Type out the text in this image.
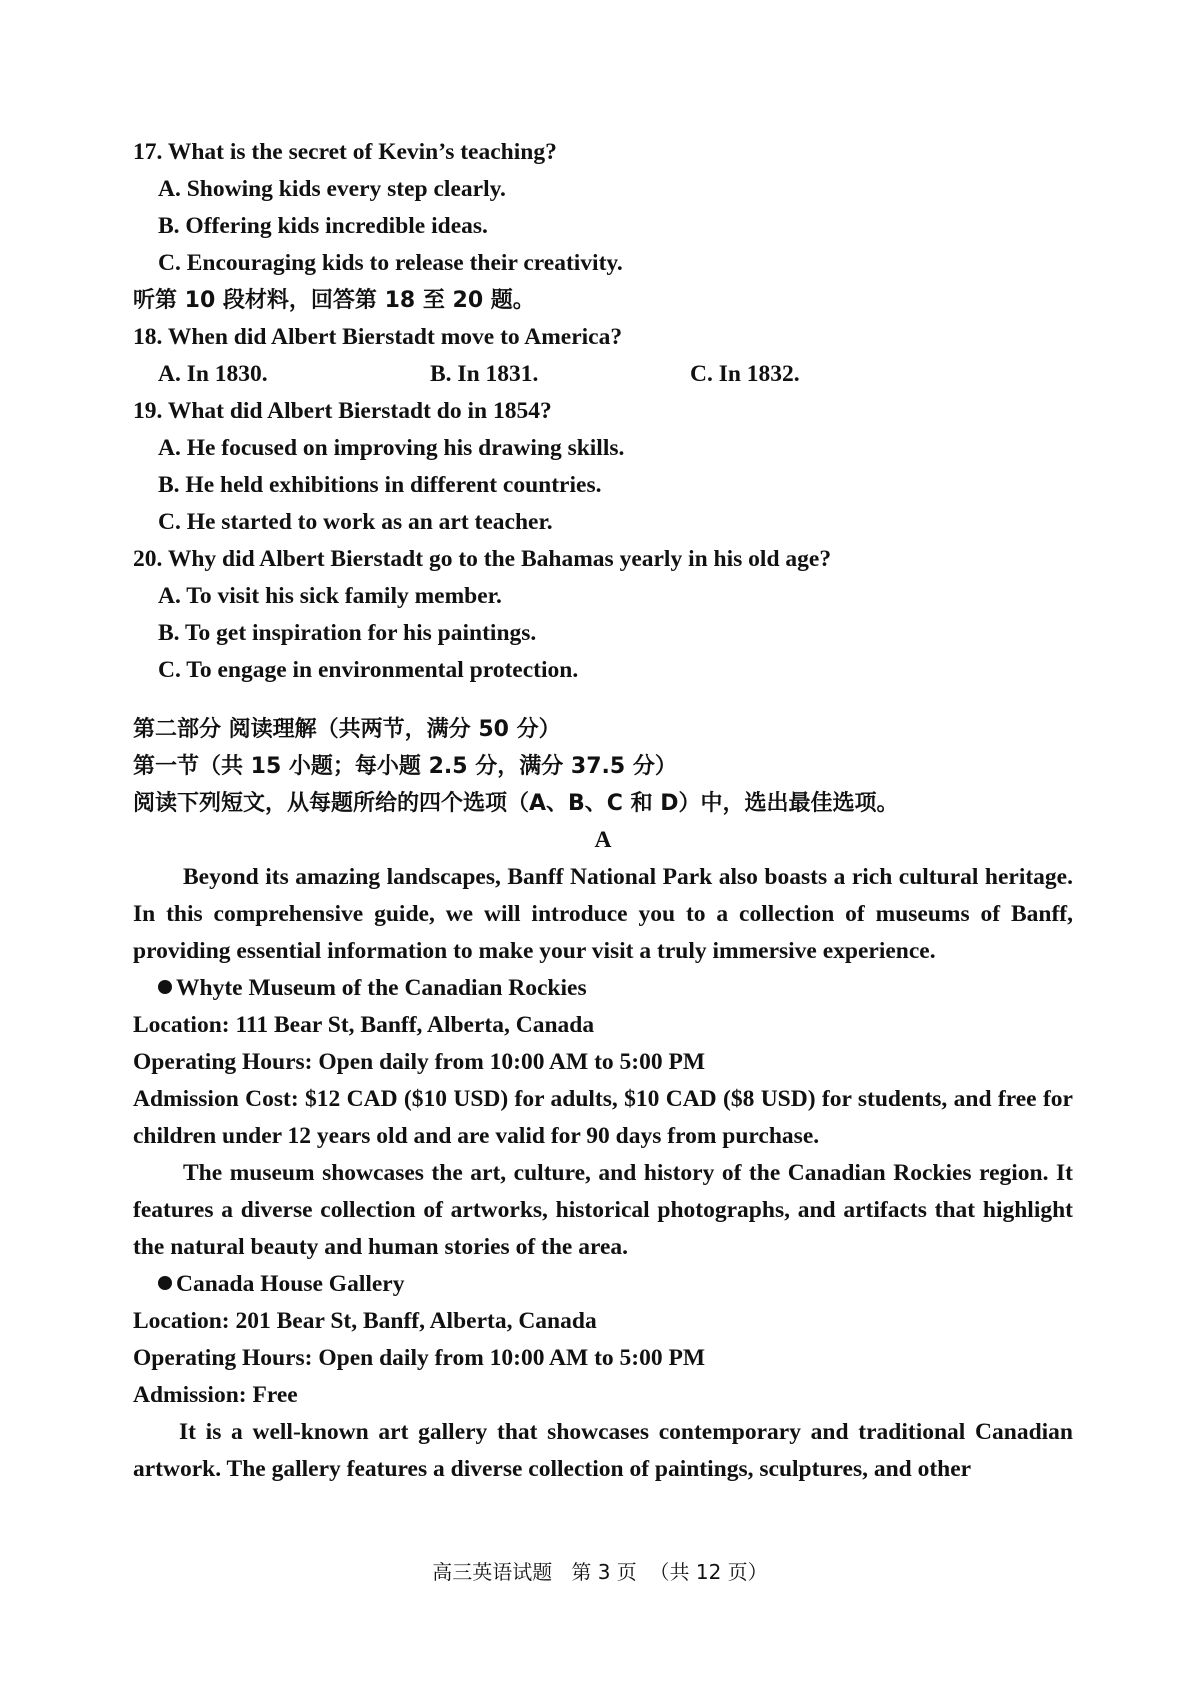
17. What is the secret of Kevin’s teaching?
A. Showing kids every step clearly.
B. Offering kids incredible ideas.
C. Encouraging kids to release their creativity.
听第 10 段材料，回答第 18 至 20 题。
18. When did Albert Bierstadt move to America?
A. In 1830.	B. In 1831.	C. In 1832.
19. What did Albert Bierstadt do in 1854?
A. He focused on improving his drawing skills.
B. He held exhibitions in different countries.
C. He started to work as an art teacher.
20. Why did Albert Bierstadt go to the Bahamas yearly in his old age?
A. To visit his sick family member.
B. To get inspiration for his paintings.
C. To engage in environmental protection.
第二部分 阅读理解（共两节，满分 50 分）
第一节（共 15 小题；每小题 2.5 分，满分 37.5 分）
阅读下列短文，从每题所给的四个选项（A、B、C 和 D）中，选出最佳选项。
A
Beyond its amazing landscapes, Banff National Park also boasts a rich cultural heritage. In this comprehensive guide, we will introduce you to a collection of museums of Banff, providing essential information to make your visit a truly immersive experience.
Whyte Museum of the Canadian Rockies
Location: 111 Bear St, Banff, Alberta, Canada
Operating Hours: Open daily from 10:00 AM to 5:00 PM
Admission Cost: $12 CAD ($10 USD) for adults, $10 CAD ($8 USD) for students, and free for children under 12 years old and are valid for 90 days from purchase.
The museum showcases the art, culture, and history of the Canadian Rockies region. It features a diverse collection of artworks, historical photographs, and artifacts that highlight the natural beauty and human stories of the area.
Canada House Gallery
Location: 201 Bear St, Banff, Alberta, Canada
Operating Hours: Open daily from 10:00 AM to 5:00 PM
Admission: Free
It is a well-known art gallery that showcases contemporary and traditional Canadian artwork. The gallery features a diverse collection of paintings, sculptures, and other
高三英语试题   第 3 页  （共 12 页）
